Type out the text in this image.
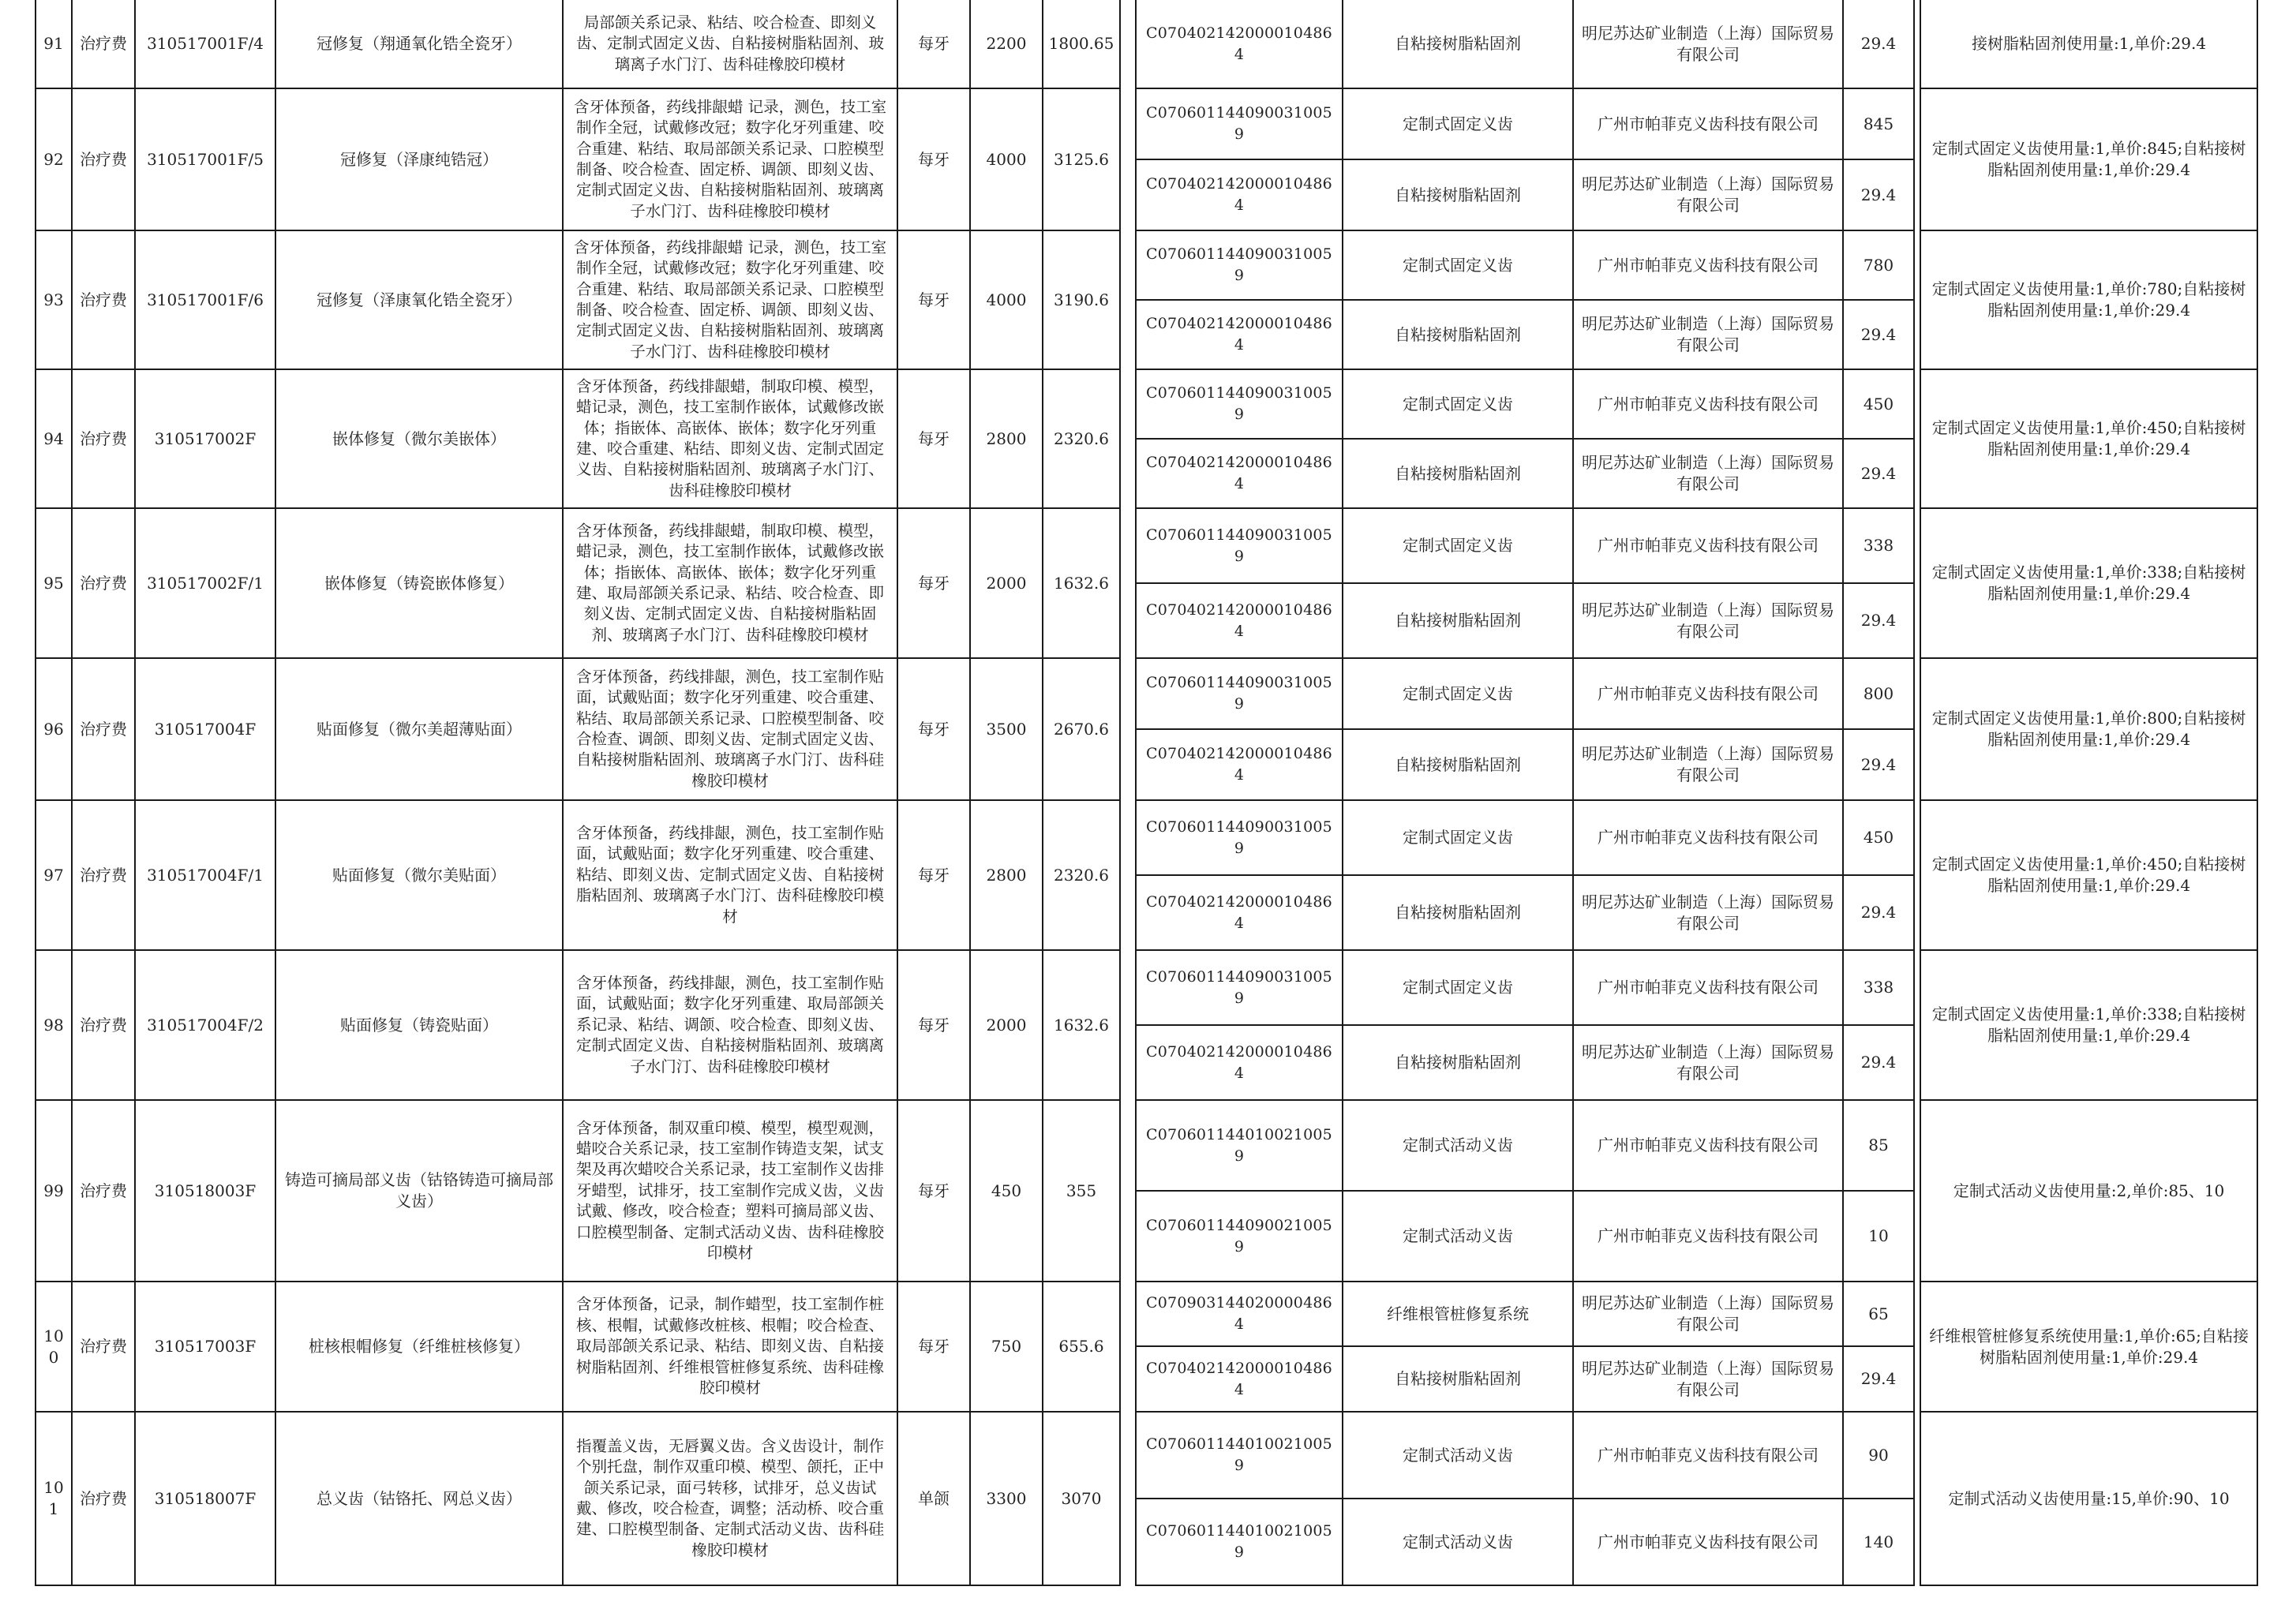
91	治疗费	310517001F/4	冠修复（翔通氧化锆全瓷牙）	局部颌关系记录、粘结、咬合检查、即刻义齿、定制式固定义齿、自粘接树脂粘固剂、玻璃离子水门汀、齿科硅橡胶印模材	每牙	2200	1800.65		C0704021420000104864	自粘接树脂粘固剂	明尼苏达矿业制造（上海）国际贸易有限公司	29.4		接树脂粘固剂使用量:1,单价:29.4
92	治疗费	310517001F/5	冠修复（泽康纯锆冠）	含牙体预备，药线排龈蜡 记录，测色，技工室制作全冠，试戴修改冠；数字化牙列重建、咬合重建、粘结、取局部颌关系记录、口腔模型制备、咬合检查、固定桥、调颌、即刻义齿、定制式固定义齿、自粘接树脂粘固剂、玻璃离子水门汀、齿科硅橡胶印模材	每牙	4000	3125.6		C0706011440900310059	定制式固定义齿	广州市帕菲克义齿科技有限公司	845		定制式固定义齿使用量:1,单价:845;自粘接树脂粘固剂使用量:1,单价:29.4
									C0704021420000104864	自粘接树脂粘固剂	明尼苏达矿业制造（上海）国际贸易有限公司	29.4		
93	治疗费	310517001F/6	冠修复（泽康氧化锆全瓷牙）	含牙体预备，药线排龈蜡 记录，测色，技工室制作全冠，试戴修改冠；数字化牙列重建、咬合重建、粘结、取局部颌关系记录、口腔模型制备、咬合检查、固定桥、调颌、即刻义齿、定制式固定义齿、自粘接树脂粘固剂、玻璃离子水门汀、齿科硅橡胶印模材	每牙	4000	3190.6		C0706011440900310059	定制式固定义齿	广州市帕菲克义齿科技有限公司	780		定制式固定义齿使用量:1,单价:780;自粘接树脂粘固剂使用量:1,单价:29.4
									C0704021420000104864	自粘接树脂粘固剂	明尼苏达矿业制造（上海）国际贸易有限公司	29.4		
94	治疗费	310517002F	嵌体修复（微尔美嵌体）	含牙体预备，药线排龈蜡，制取印模、模型，蜡记录，测色，技工室制作嵌体，试戴修改嵌体；指嵌体、高嵌体、嵌体；数字化牙列重建、咬合重建、粘结、即刻义齿、定制式固定义齿、自粘接树脂粘固剂、玻璃离子水门汀、齿科硅橡胶印模材	每牙	2800	2320.6		C0706011440900310059	定制式固定义齿	广州市帕菲克义齿科技有限公司	450		定制式固定义齿使用量:1,单价:450;自粘接树脂粘固剂使用量:1,单价:29.4
									C0704021420000104864	自粘接树脂粘固剂	明尼苏达矿业制造（上海）国际贸易有限公司	29.4		
95	治疗费	310517002F/1	嵌体修复（铸瓷嵌体修复）	含牙体预备，药线排龈蜡，制取印模、模型，蜡记录，测色，技工室制作嵌体，试戴修改嵌体；指嵌体、高嵌体、嵌体；数字化牙列重建、取局部颌关系记录、粘结、咬合检查、即刻义齿、定制式固定义齿、自粘接树脂粘固剂、玻璃离子水门汀、齿科硅橡胶印模材	每牙	2000	1632.6		C0706011440900310059	定制式固定义齿	广州市帕菲克义齿科技有限公司	338		定制式固定义齿使用量:1,单价:338;自粘接树脂粘固剂使用量:1,单价:29.4
									C0704021420000104864	自粘接树脂粘固剂	明尼苏达矿业制造（上海）国际贸易有限公司	29.4		
96	治疗费	310517004F	贴面修复（微尔美超薄贴面）	含牙体预备，药线排龈，测色，技工室制作贴面，试戴贴面；数字化牙列重建、咬合重建、粘结、取局部颌关系记录、口腔模型制备、咬合检查、调颌、即刻义齿、定制式固定义齿、自粘接树脂粘固剂、玻璃离子水门汀、齿科硅橡胶印模材	每牙	3500	2670.6		C0706011440900310059	定制式固定义齿	广州市帕菲克义齿科技有限公司	800		定制式固定义齿使用量:1,单价:800;自粘接树脂粘固剂使用量:1,单价:29.4
									C0704021420000104864	自粘接树脂粘固剂	明尼苏达矿业制造（上海）国际贸易有限公司	29.4		
97	治疗费	310517004F/1	贴面修复（微尔美贴面）	含牙体预备，药线排龈，测色，技工室制作贴面，试戴贴面；数字化牙列重建、咬合重建、粘结、即刻义齿、定制式固定义齿、自粘接树脂粘固剂、玻璃离子水门汀、齿科硅橡胶印模材	每牙	2800	2320.6		C0706011440900310059	定制式固定义齿	广州市帕菲克义齿科技有限公司	450		定制式固定义齿使用量:1,单价:450;自粘接树脂粘固剂使用量:1,单价:29.4
									C0704021420000104864	自粘接树脂粘固剂	明尼苏达矿业制造（上海）国际贸易有限公司	29.4		
98	治疗费	310517004F/2	贴面修复（铸瓷贴面）	含牙体预备，药线排龈，测色，技工室制作贴面，试戴贴面；数字化牙列重建、取局部颌关系记录、粘结、调颌、咬合检查、即刻义齿、定制式固定义齿、自粘接树脂粘固剂、玻璃离子水门汀、齿科硅橡胶印模材	每牙	2000	1632.6		C0706011440900310059	定制式固定义齿	广州市帕菲克义齿科技有限公司	338		定制式固定义齿使用量:1,单价:338;自粘接树脂粘固剂使用量:1,单价:29.4
									C0704021420000104864	自粘接树脂粘固剂	明尼苏达矿业制造（上海）国际贸易有限公司	29.4		
99	治疗费	310518003F	铸造可摘局部义齿（钴铬铸造可摘局部义齿）	含牙体预备，制双重印模、模型，模型观测，蜡咬合关系记录，技工室制作铸造支架，试支架及再次蜡咬合关系记录，技工室制作义齿排牙蜡型，试排牙，技工室制作完成义齿，义齿试戴、修改，咬合检查；塑料可摘局部义齿、口腔模型制备、定制式活动义齿、齿科硅橡胶印模材	每牙	450	355		C0706011440100210059	定制式活动义齿	广州市帕菲克义齿科技有限公司	85		定制式活动义齿使用量:2,单价:85、10
									C0706011440900210059	定制式活动义齿	广州市帕菲克义齿科技有限公司	10		
100	治疗费	310517003F	桩核根帽修复（纤维桩核修复）	含牙体预备，记录，制作蜡型，技工室制作桩核、根帽，试戴修改桩核、根帽；咬合检查、取局部颌关系记录、粘结、即刻义齿、自粘接树脂粘固剂、纤维根管桩修复系统、齿科硅橡胶印模材	每牙	750	655.6		C0709031440200004864	纤维根管桩修复系统	明尼苏达矿业制造（上海）国际贸易有限公司	65		纤维根管桩修复系统使用量:1,单价:65;自粘接树脂粘固剂使用量:1,单价:29.4
									C0704021420000104864	自粘接树脂粘固剂	明尼苏达矿业制造（上海）国际贸易有限公司	29.4		
101	治疗费	310518007F	总义齿（钴铬托、网总义齿）	指覆盖义齿，无唇翼义齿。含义齿设计，制作个别托盘，制作双重印模、模型、颌托，正中颌关系记录，面弓转移，试排牙，总义齿试戴、修改，咬合检查，调整；活动桥、咬合重建、口腔模型制备、定制式活动义齿、齿科硅橡胶印模材	单颌	3300	3070		C0706011440100210059	定制式活动义齿	广州市帕菲克义齿科技有限公司	90		定制式活动义齿使用量:15,单价:90、10
									C0706011440100210059	定制式活动义齿	广州市帕菲克义齿科技有限公司	140		
